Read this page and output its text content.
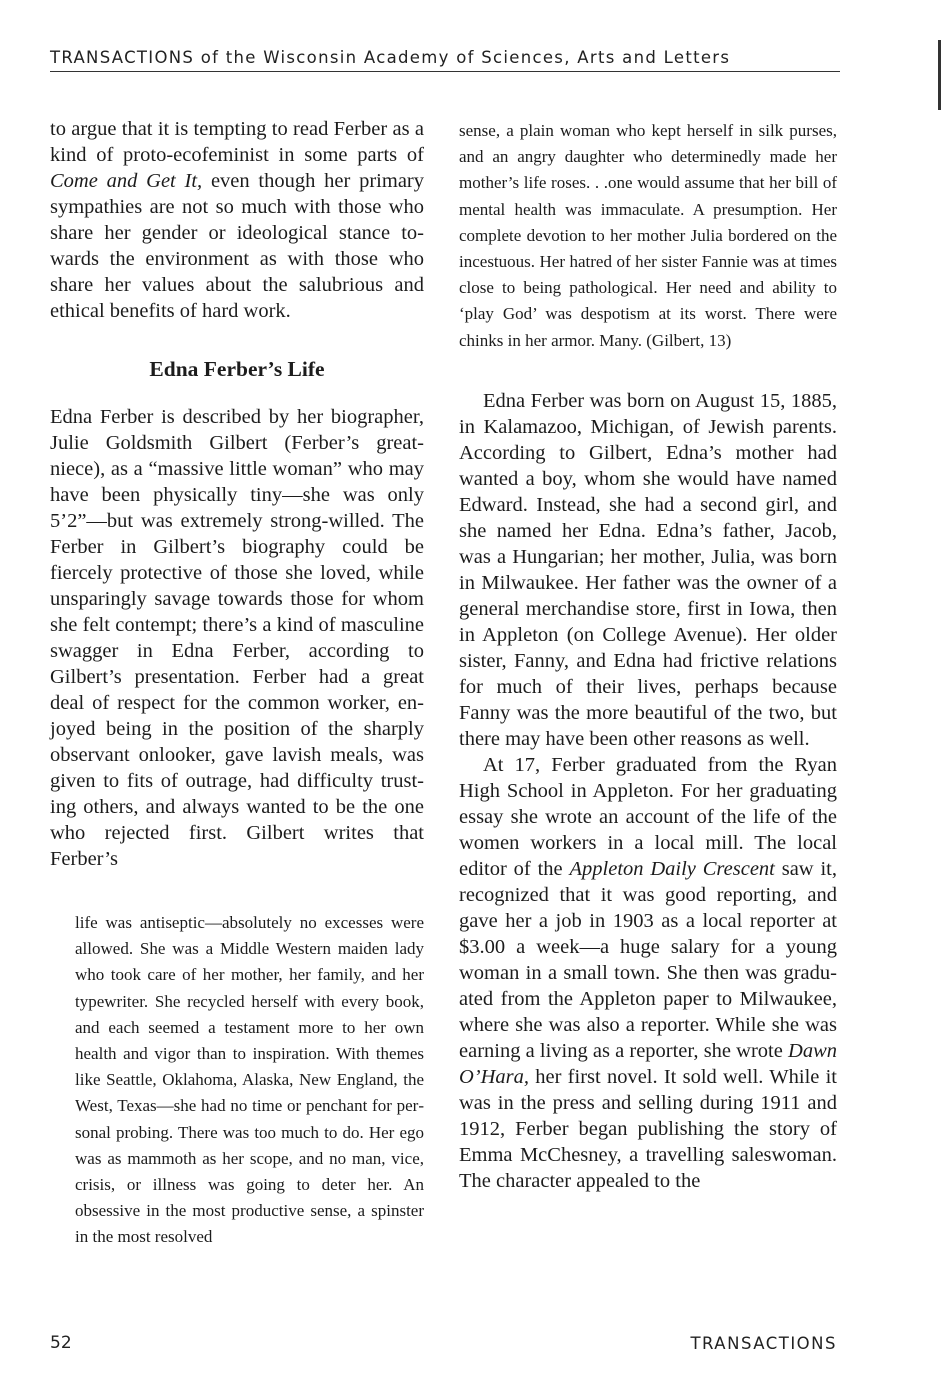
TRANSACTIONS of the Wisconsin Academy of Sciences, Arts and Letters

to argue that it is tempting to read Ferber as a kind of proto-ecofeminist in some parts of Come and Get It, even though her primary sympathies are not so much with those who share her gender or ideological stance towards the environment as with those who share her values about the salubrious and ethical benefits of hard work.

Edna Ferber’s Life

Edna Ferber is described by her biographer, Julie Goldsmith Gilbert (Ferber’s great-niece), as a “massive little woman” who may have been physically tiny—she was only 5’2”—but was extremely strong-willed. The Ferber in Gilbert’s biography could be fiercely protective of those she loved, while unsparingly savage towards those for whom she felt contempt; there’s a kind of masculine swagger in Edna Ferber, according to Gilbert’s presentation. Ferber had a great deal of respect for the common worker, enjoyed being in the position of the sharply observant onlooker, gave lavish meals, was given to fits of outrage, had difficulty trusting others, and always wanted to be the one who rejected first. Gilbert writes that Ferber’s

life was antiseptic—absolutely no excesses were allowed. She was a Middle Western maiden lady who took care of her mother, her family, and her typewriter. She recycled herself with every book, and each seemed a testament more to her own health and vigor than to inspiration. With themes like Seattle, Oklahoma, Alaska, New England, the West, Texas—she had no time or penchant for personal probing. There was too much to do. Her ego was as mammoth as her scope, and no man, vice, crisis, or illness was going to deter her. An obsessive in the most productive sense, a spinster in the most resolved

sense, a plain woman who kept herself in silk purses, and an angry daughter who determinedly made her mother’s life roses. . .one would assume that her bill of mental health was immaculate. A presumption. Her complete devotion to her mother Julia bordered on the incestuous. Her hatred of her sister Fannie was at times close to being pathological. Her need and ability to ‘play God’ was despotism at its worst. There were chinks in her armor. Many. (Gilbert, 13)

Edna Ferber was born on August 15, 1885, in Kalamazoo, Michigan, of Jewish parents. According to Gilbert, Edna’s mother had wanted a boy, whom she would have named Edward. Instead, she had a second girl, and she named her Edna. Edna’s father, Jacob, was a Hungarian; her mother, Julia, was born in Milwaukee. Her father was the owner of a general merchandise store, first in Iowa, then in Appleton (on College Avenue). Her older sister, Fanny, and Edna had frictive relations for much of their lives, perhaps because Fanny was the more beautiful of the two, but there may have been other reasons as well.

At 17, Ferber graduated from the Ryan High School in Appleton. For her graduating essay she wrote an account of the life of the women workers in a local mill. The local editor of the Appleton Daily Crescent saw it, recognized that it was good reporting, and gave her a job in 1903 as a local reporter at $3.00 a week—a huge salary for a young woman in a small town. She then was graduated from the Appleton paper to Milwaukee, where she was also a reporter. While she was earning a living as a reporter, she wrote Dawn O’Hara, her first novel. It sold well. While it was in the press and selling during 1911 and 1912, Ferber began publishing the story of Emma McChesney, a travelling saleswoman. The character appealed to the

52	TRANSACTIONS
